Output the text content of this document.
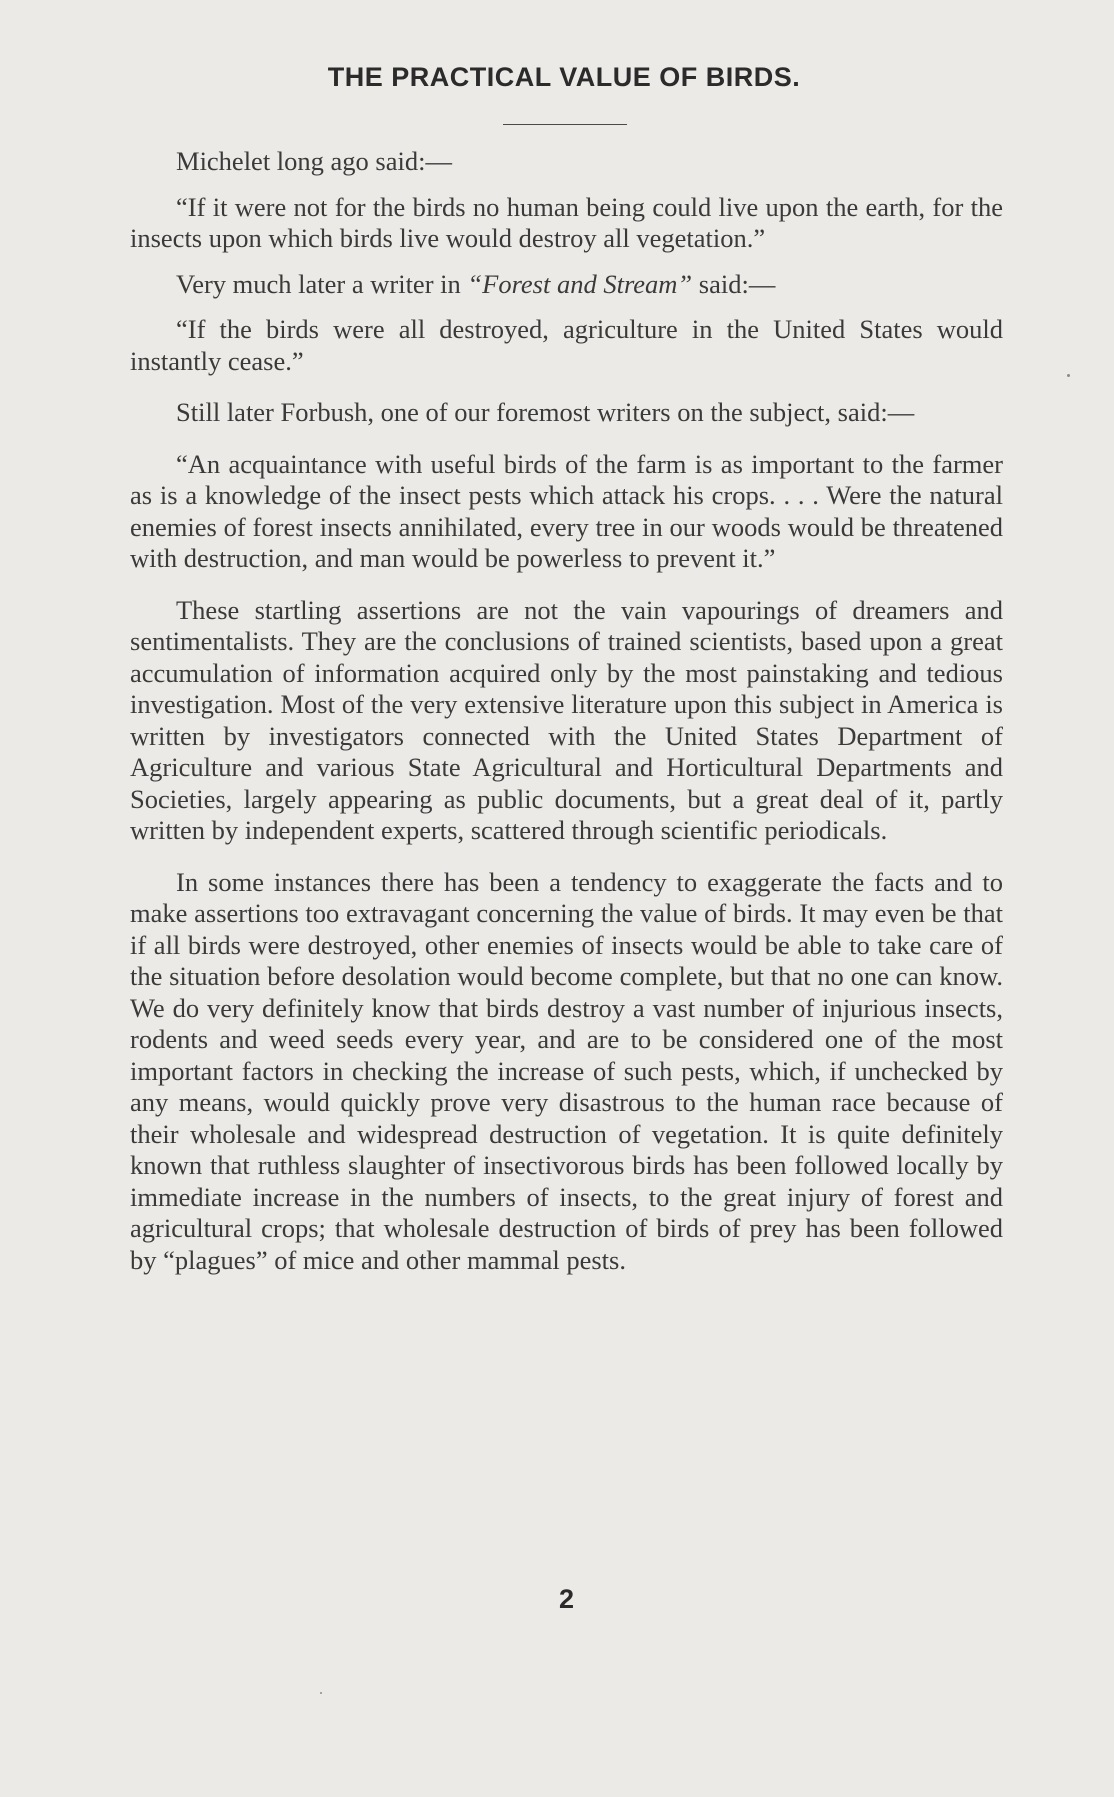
THE PRACTICAL VALUE OF BIRDS.

Michelet long ago said:—

“If it were not for the birds no human being could live upon the earth, for the insects upon which birds live would destroy all vegetation.”

Very much later a writer in “Forest and Stream” said:—

“If the birds were all destroyed, agriculture in the United States would instantly cease.”

Still later Forbush, one of our foremost writers on the subject, said:—

“An acquaintance with useful birds of the farm is as important to the farmer as is a knowledge of the insect pests which attack his crops. . . . Were the natural enemies of forest insects annihilated, every tree in our woods would be threatened with destruction, and man would be powerless to prevent it.”

These startling assertions are not the vain vapourings of dreamers and sentimentalists. They are the conclusions of trained scientists, based upon a great accumulation of information acquired only by the most painstaking and tedious investigation. Most of the very extensive literature upon this subject in America is written by investigators connected with the United States Department of Agriculture and various State Agricultural and Horticultural Departments and Societies, largely appearing as public documents, but a great deal of it, partly written by independent experts, scattered through scientific periodicals.

In some instances there has been a tendency to exaggerate the facts and to make assertions too extravagant concerning the value of birds. It may even be that if all birds were destroyed, other enemies of insects would be able to take care of the situation before desolation would become complete, but that no one can know. We do very definitely know that birds destroy a vast number of injurious insects, rodents and weed seeds every year, and are to be considered one of the most important factors in checking the increase of such pests, which, if unchecked by any means, would quickly prove very disastrous to the human race because of their wholesale and widespread destruction of vegetation. It is quite definitely known that ruthless slaughter of insectivorous birds has been followed locally by immediate increase in the numbers of insects, to the great injury of forest and agricultural crops; that wholesale destruction of birds of prey has been followed by “plagues” of mice and other mammal pests.

2
